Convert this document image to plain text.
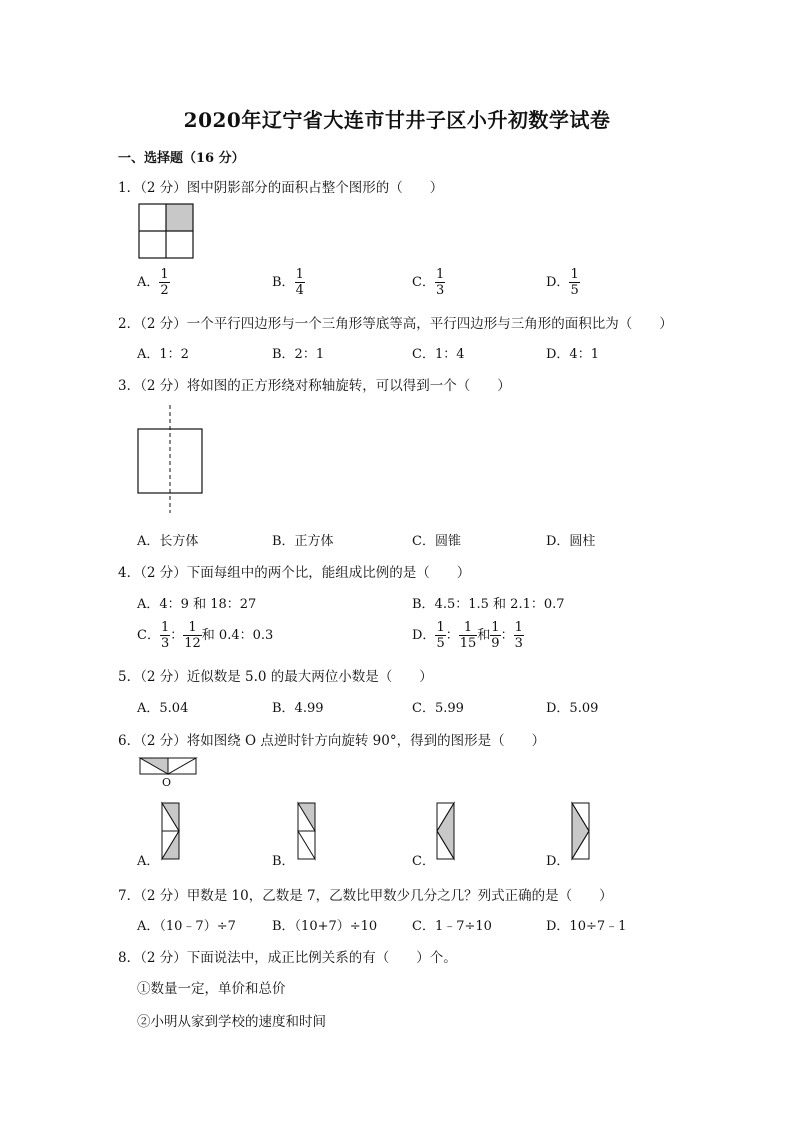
2020年辽宁省大连市甘井子区小升初数学试卷
一、选择题（16 分）
1．（2 分）图中阴影部分的面积占整个图形的（　　）
A． $\frac{1}{2}$	B． $\frac{1}{4}$	C． $\frac{1}{3}$	D． $\frac{1}{5}$
2．（2 分）一个平行四边形与一个三角形等底等高，平行四边形与三角形的面积比为（　　）
A．1：2	B．2：1	C．1：4	D．4：1
3．（2 分）将如图的正方形绕对称轴旋转，可以得到一个（　　）
A．长方体	B．正方体	C．圆锥	D．圆柱
4．（2 分）下面每组中的两个比，能组成比例的是（　　）
A．4：9 和 18：27	B．4.5：1.5 和 2.1：0.7
C． $\frac{1}{3}$ ： $\frac{1}{12}$ 和 0.4：0.3	D． $\frac{1}{5}$ ： $\frac{1}{15}$ 和 $\frac{1}{9}$ ： $\frac{1}{3}$
5．（2 分）近似数是 5.0 的最大两位小数是（　　）
A．5.04	B．4.99	C．5.99	D．5.09
6．（2 分）将如图绕 O 点逆时针方向旋转 90°，得到的图形是（　　）
O
A．	B．	C．	D．
7．（2 分）甲数是 10，乙数是 7，乙数比甲数少几分之几？列式正确的是（　　）
A．（10﹣7）÷7	B．（10+7）÷10	C．1﹣7÷10	D．10÷7﹣1
8．（2 分）下面说法中，成正比例关系的有（　　）个。
①数量一定，单价和总价
②小明从家到学校的速度和时间
